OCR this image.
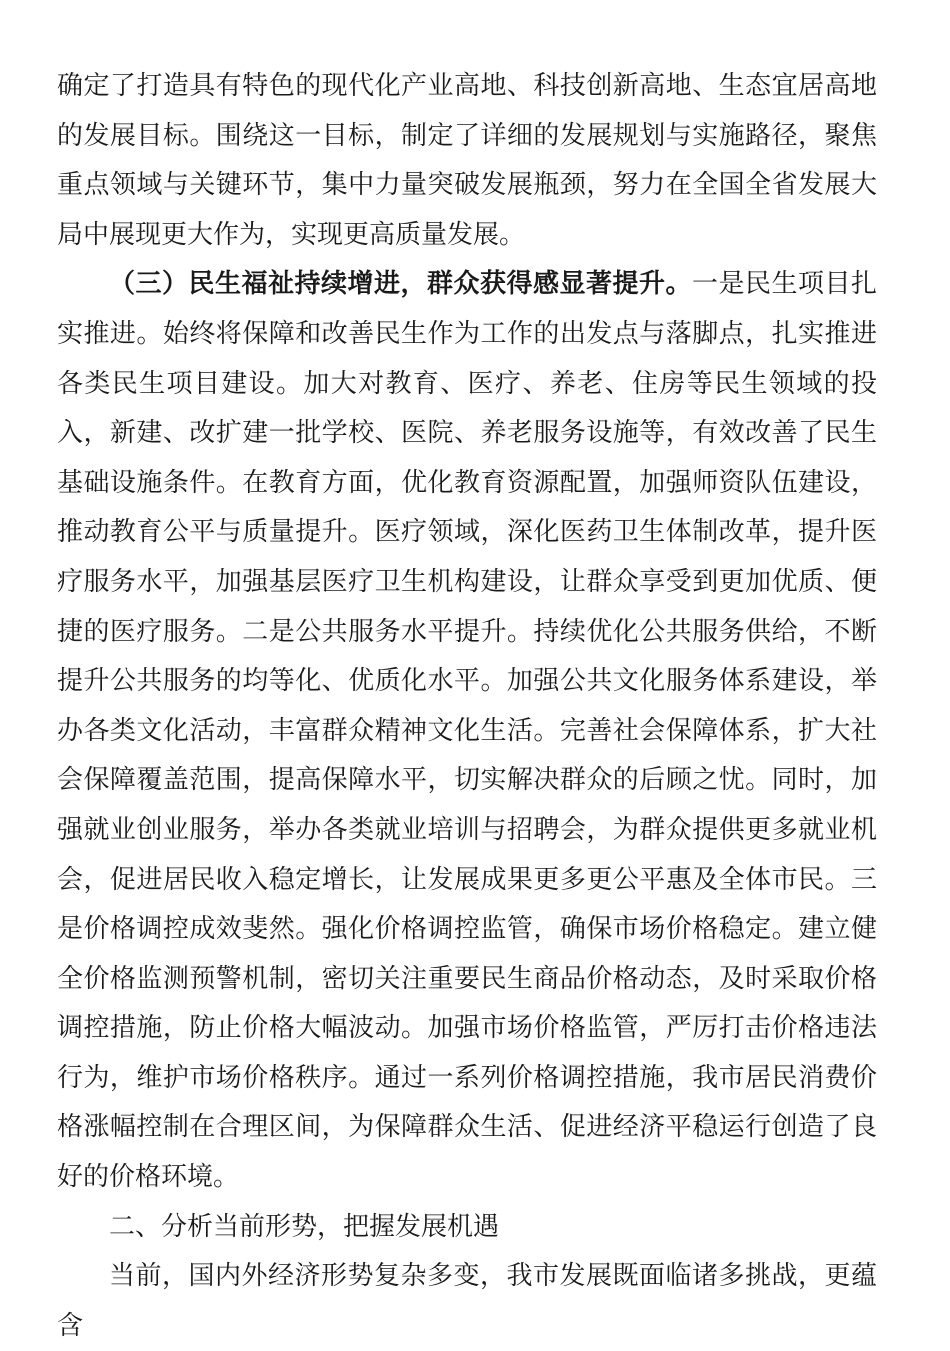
确定了打造具有特色的现代化产业高地、科技创新高地、生态宜居高地的发展目标。围绕这一目标，制定了详细的发展规划与实施路径，聚焦重点领域与关键环节，集中力量突破发展瓶颈，努力在全国全省发展大局中展现更大作为，实现更高质量发展。

（三）民生福祉持续增进，群众获得感显著提升。一是民生项目扎实推进。始终将保障和改善民生作为工作的出发点与落脚点，扎实推进各类民生项目建设。加大对教育、医疗、养老、住房等民生领域的投入，新建、改扩建一批学校、医院、养老服务设施等，有效改善了民生基础设施条件。在教育方面，优化教育资源配置，加强师资队伍建设，推动教育公平与质量提升。医疗领域，深化医药卫生体制改革，提升医疗服务水平，加强基层医疗卫生机构建设，让群众享受到更加优质、便捷的医疗服务。二是公共服务水平提升。持续优化公共服务供给，不断提升公共服务的均等化、优质化水平。加强公共文化服务体系建设，举办各类文化活动，丰富群众精神文化生活。完善社会保障体系，扩大社会保障覆盖范围，提高保障水平，切实解决群众的后顾之忧。同时，加强就业创业服务，举办各类就业培训与招聘会，为群众提供更多就业机会，促进居民收入稳定增长，让发展成果更多更公平惠及全体市民。三是价格调控成效斐然。强化价格调控监管，确保市场价格稳定。建立健全价格监测预警机制，密切关注重要民生商品价格动态，及时采取价格调控措施，防止价格大幅波动。加强市场价格监管，严厉打击价格违法行为，维护市场价格秩序。通过一系列价格调控措施，我市居民消费价格涨幅控制在合理区间，为保障群众生活、促进经济平稳运行创造了良好的价格环境。

二、分析当前形势，把握发展机遇

当前，国内外经济形势复杂多变，我市发展既面临诸多挑战，更蕴含
